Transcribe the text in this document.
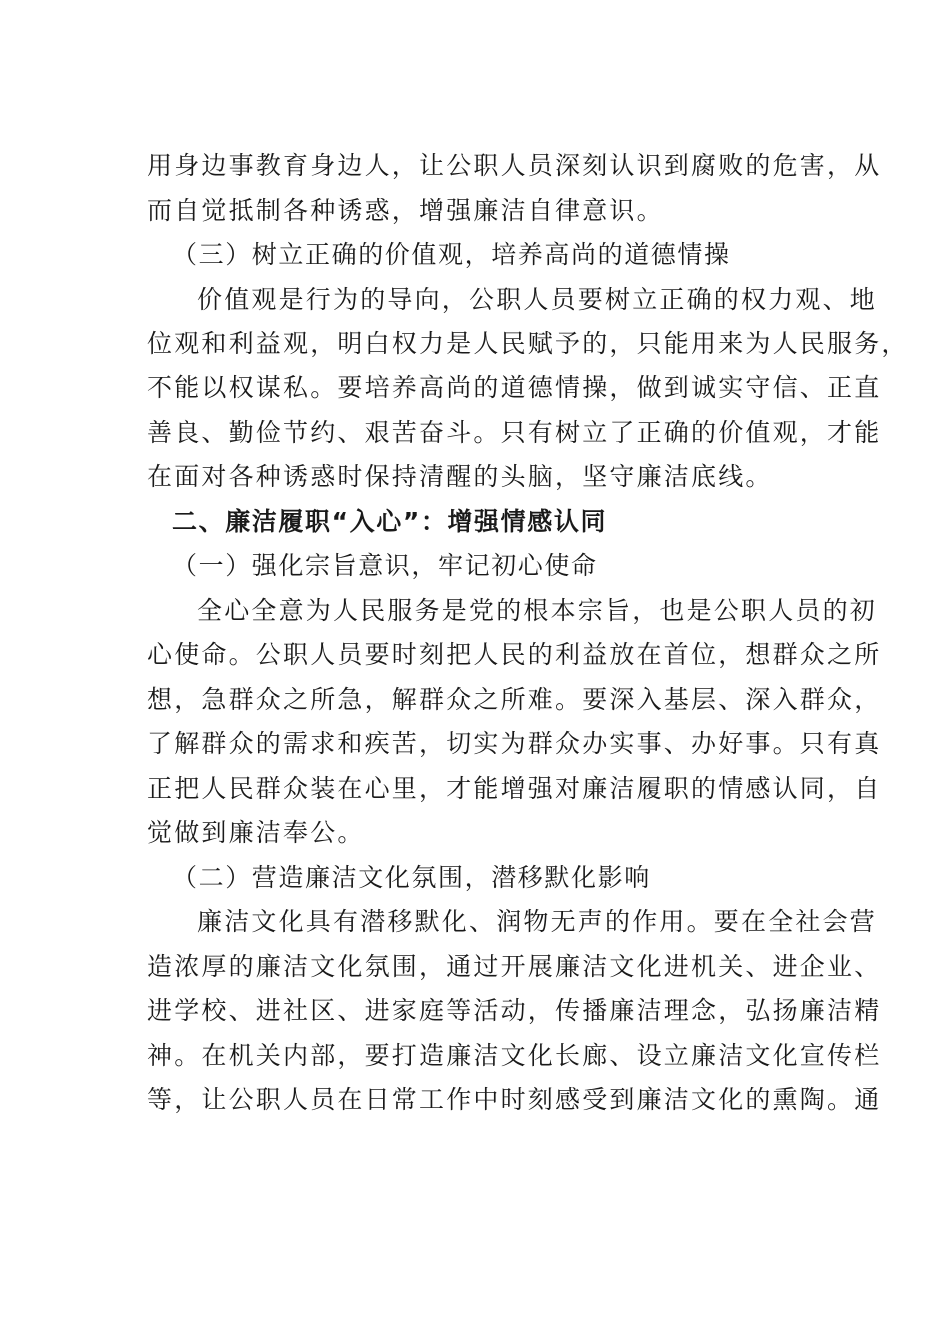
用身边事教育身边人，让公职人员深刻认识到腐败的危害，从
而自觉抵制各种诱惑，增强廉洁自律意识。
（三）树立正确的价值观，培养高尚的道德情操
价值观是行为的导向，公职人员要树立正确的权力观、地
位观和利益观，明白权力是人民赋予的，只能用来为人民服务，
不能以权谋私。要培养高尚的道德情操，做到诚实守信、正直
善良、勤俭节约、艰苦奋斗。只有树立了正确的价值观，才能
在面对各种诱惑时保持清醒的头脑，坚守廉洁底线。
二、廉洁履职“入心”：增强情感认同
（一）强化宗旨意识，牢记初心使命
全心全意为人民服务是党的根本宗旨，也是公职人员的初
心使命。公职人员要时刻把人民的利益放在首位，想群众之所
想，急群众之所急，解群众之所难。要深入基层、深入群众，
了解群众的需求和疾苦，切实为群众办实事、办好事。只有真
正把人民群众装在心里，才能增强对廉洁履职的情感认同，自
觉做到廉洁奉公。
（二）营造廉洁文化氛围，潜移默化影响
廉洁文化具有潜移默化、润物无声的作用。要在全社会营
造浓厚的廉洁文化氛围，通过开展廉洁文化进机关、进企业、
进学校、进社区、进家庭等活动，传播廉洁理念，弘扬廉洁精
神。在机关内部，要打造廉洁文化长廊、设立廉洁文化宣传栏
等，让公职人员在日常工作中时刻感受到廉洁文化的熏陶。通
